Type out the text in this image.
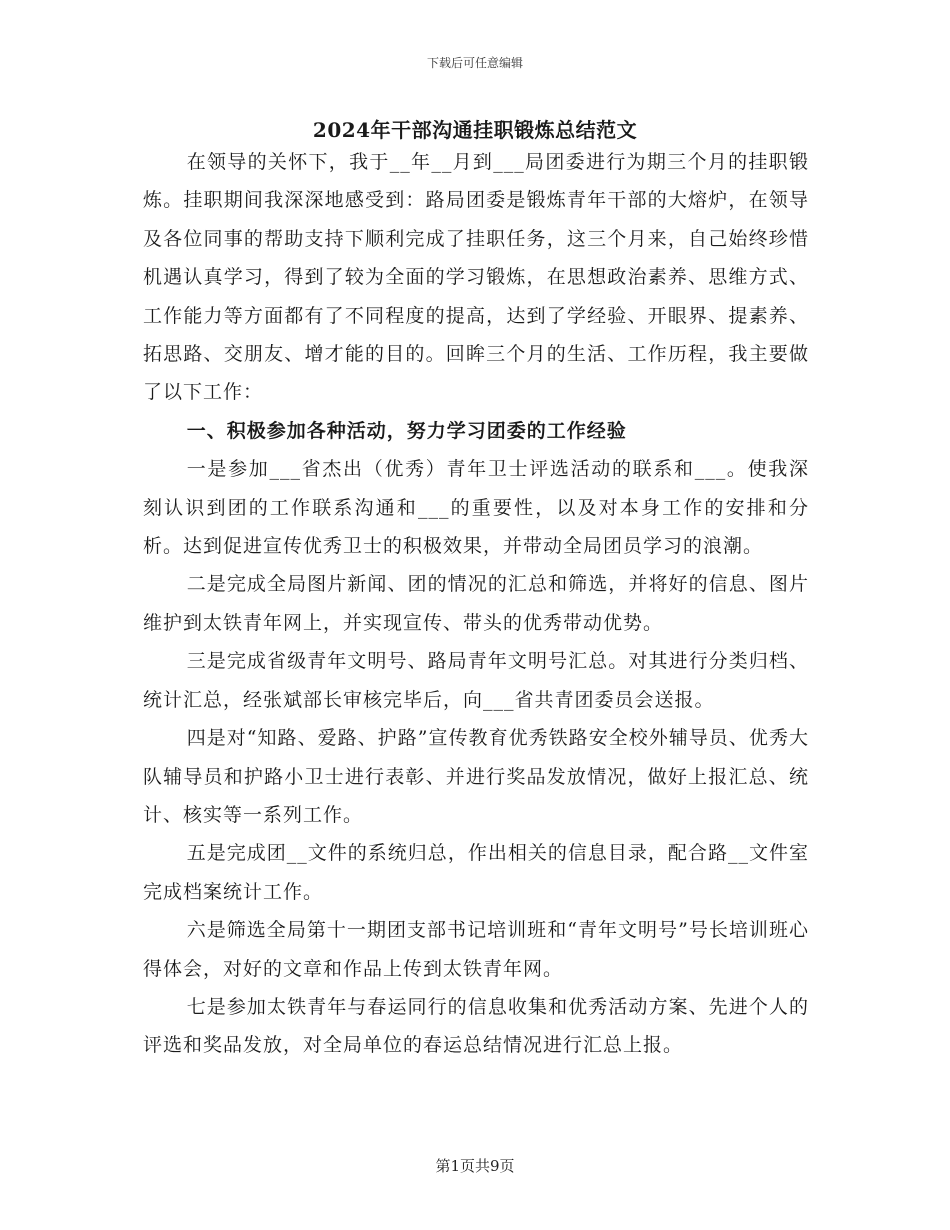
下载后可任意编辑
2024年干部沟通挂职锻炼总结范文

在领导的关怀下，我于__年__月到___局团委进行为期三个月的挂职锻炼。挂职期间我深深地感受到：路局团委是锻炼青年干部的大熔炉，在领导及各位同事的帮助支持下顺利完成了挂职任务，这三个月来，自己始终珍惜机遇认真学习，得到了较为全面的学习锻炼，在思想政治素养、思维方式、工作能力等方面都有了不同程度的提高，达到了学经验、开眼界、提素养、拓思路、交朋友、增才能的目的。回眸三个月的生活、工作历程，我主要做了以下工作：

一、积极参加各种活动，努力学习团委的工作经验

一是参加___省杰出（优秀）青年卫士评选活动的联系和___。使我深刻认识到团的工作联系沟通和___的重要性，以及对本身工作的安排和分析。达到促进宣传优秀卫士的积极效果，并带动全局团员学习的浪潮。

二是完成全局图片新闻、团的情况的汇总和筛选，并将好的信息、图片维护到太铁青年网上，并实现宣传、带头的优秀带动优势。

三是完成省级青年文明号、路局青年文明号汇总。对其进行分类归档、统计汇总，经张斌部长审核完毕后，向___省共青团委员会送报。

四是对“知路、爱路、护路”宣传教育优秀铁路安全校外辅导员、优秀大队辅导员和护路小卫士进行表彰、并进行奖品发放情况，做好上报汇总、统计、核实等一系列工作。

五是完成团__文件的系统归总，作出相关的信息目录，配合路__文件室完成档案统计工作。

六是筛选全局第十一期团支部书记培训班和“青年文明号”号长培训班心得体会，对好的文章和作品上传到太铁青年网。

七是参加太铁青年与春运同行的信息收集和优秀活动方案、先进个人的评选和奖品发放，对全局单位的春运总结情况进行汇总上报。

第1页共9页
